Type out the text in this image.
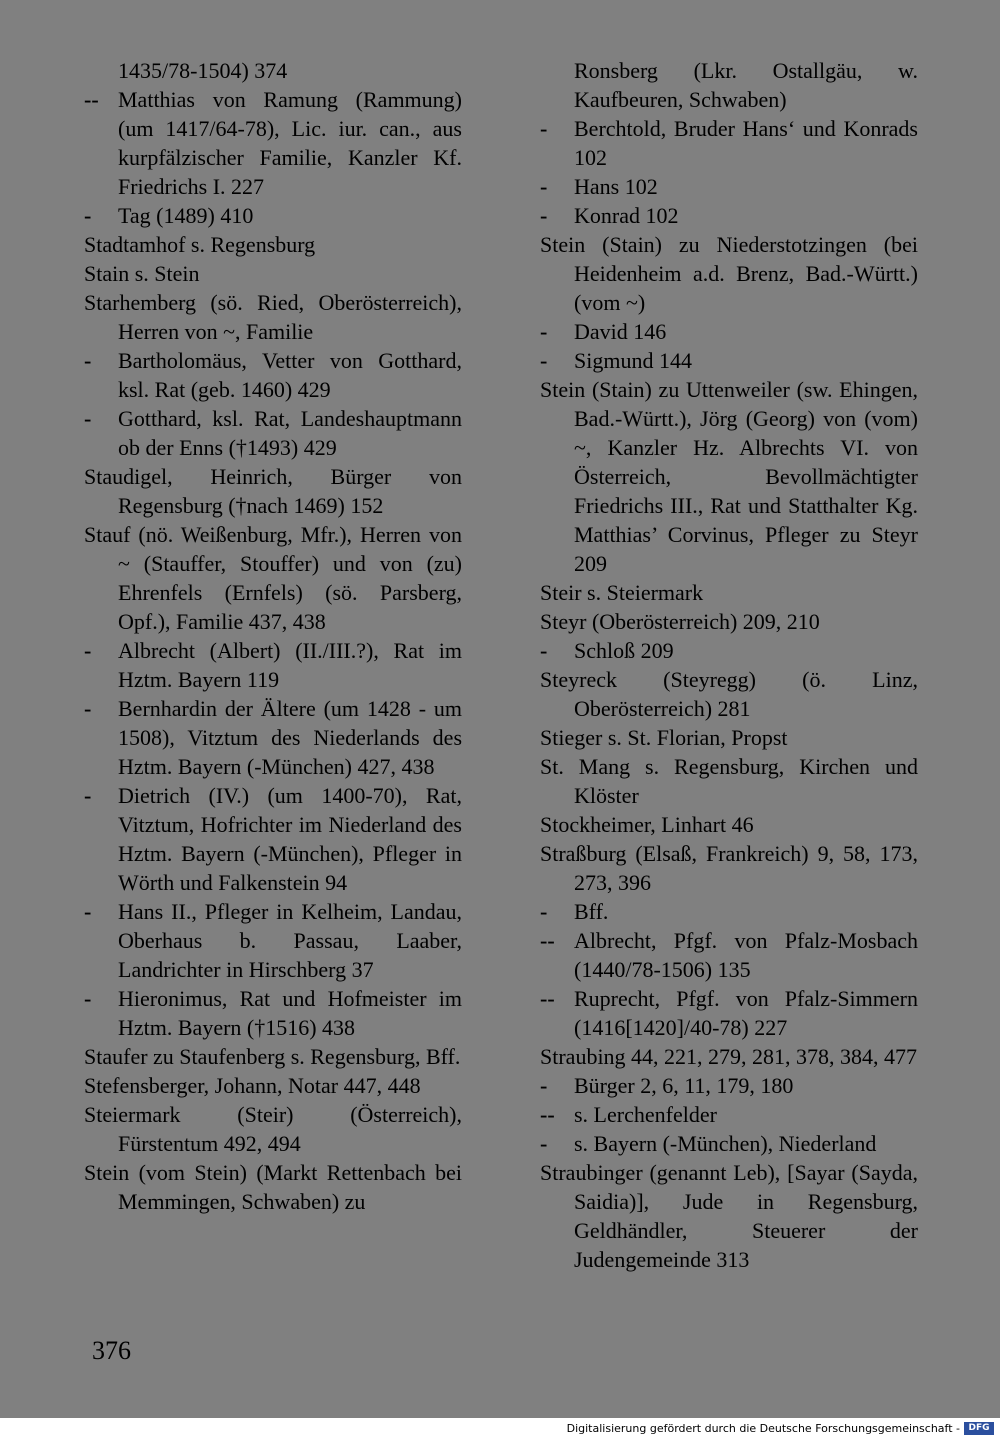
1435/78-1504) 374
-- Matthias von Ramung (Rammung) (um 1417/64-78), Lic. iur. can., aus kurpfälzischer Familie, Kanzler Kf. Friedrichs I. 227
-	Tag (1489) 410
Stadtamhof s. Regensburg
Stain s. Stein
Starhemberg (sö. Ried, Oberösterreich), Herren von ~, Familie
-	Bartholomäus, Vetter von Gotthard, ksl. Rat (geb. 1460) 429
-	Gotthard, ksl. Rat, Landeshauptmann ob der Enns (†1493) 429
Staudigel, Heinrich, Bürger von Regensburg (†nach 1469) 152
Stauf (nö. Weißenburg, Mfr.), Herren von ~ (Stauffer, Stouffer) und von (zu) Ehrenfels (Ernfels) (sö. Parsberg, Opf.), Familie 437, 438
-	Albrecht (Albert) (II./III.?), Rat im Hztm. Bayern 119
-	Bernhardin der Ältere (um 1428 - um 1508), Vitztum des Niederlands des Hztm. Bayern (-München) 427, 438
-	Dietrich (IV.) (um 1400-70), Rat, Vitztum, Hofrichter im Niederland des Hztm. Bayern (-München), Pfleger in Wörth und Falkenstein 94
-	Hans II., Pfleger in Kelheim, Landau, Oberhaus b. Passau, Laaber, Landrichter in Hirschberg 37
-	Hieronimus, Rat und Hofmeister im Hztm. Bayern (†1516) 438
Staufer zu Staufenberg s. Regensburg, Bff.
Stefensberger, Johann, Notar 447, 448
Steiermark (Steir) (Österreich), Fürstentum 492, 494
Stein (vom Stein) (Markt Rettenbach bei Memmingen, Schwaben) zu
Ronsberg (Lkr. Ostallgäu, w. Kaufbeuren, Schwaben)
-	Berchtold, Bruder Hans‘ und Konrads 102
-	Hans 102
-	Konrad 102
Stein (Stain) zu Niederstotzingen (bei Heidenheim a.d. Brenz, Bad.-Württ.) (vom ~)
-	David 146
-	Sigmund 144
Stein (Stain) zu Uttenweiler (sw. Ehingen, Bad.-Württ.), Jörg (Georg) von (vom) ~, Kanzler Hz. Albrechts VI. von Österreich, Bevollmächtigter Friedrichs III., Rat und Statthalter Kg. Matthias’ Corvinus, Pfleger zu Steyr 209
Steir s. Steiermark
Steyr (Oberösterreich) 209, 210
-	Schloß 209
Steyreck (Steyregg) (ö. Linz, Oberösterreich) 281
Stieger s. St. Florian, Propst
St. Mang s. Regensburg, Kirchen und Klöster
Stockheimer, Linhart 46
Straßburg (Elsaß, Frankreich) 9, 58, 173, 273, 396
-	Bff.
-- Albrecht, Pfgf. von Pfalz-Mosbach (1440/78-1506) 135
-- Ruprecht, Pfgf. von Pfalz-Simmern (1416[1420]/40-78) 227
Straubing 44, 221, 279, 281, 378, 384, 477
-	Bürger 2, 6, 11, 179, 180
-- s. Lerchenfelder
-	s. Bayern (-München), Niederland
Straubinger (genannt Leb), [Sayar (Sayda, Saidia)], Jude in Regensburg, Geldhändler, Steuerer der Judengemeinde 313
376
Digitalisierung gefördert durch die Deutsche Forschungsgemeinschaft - DFG
